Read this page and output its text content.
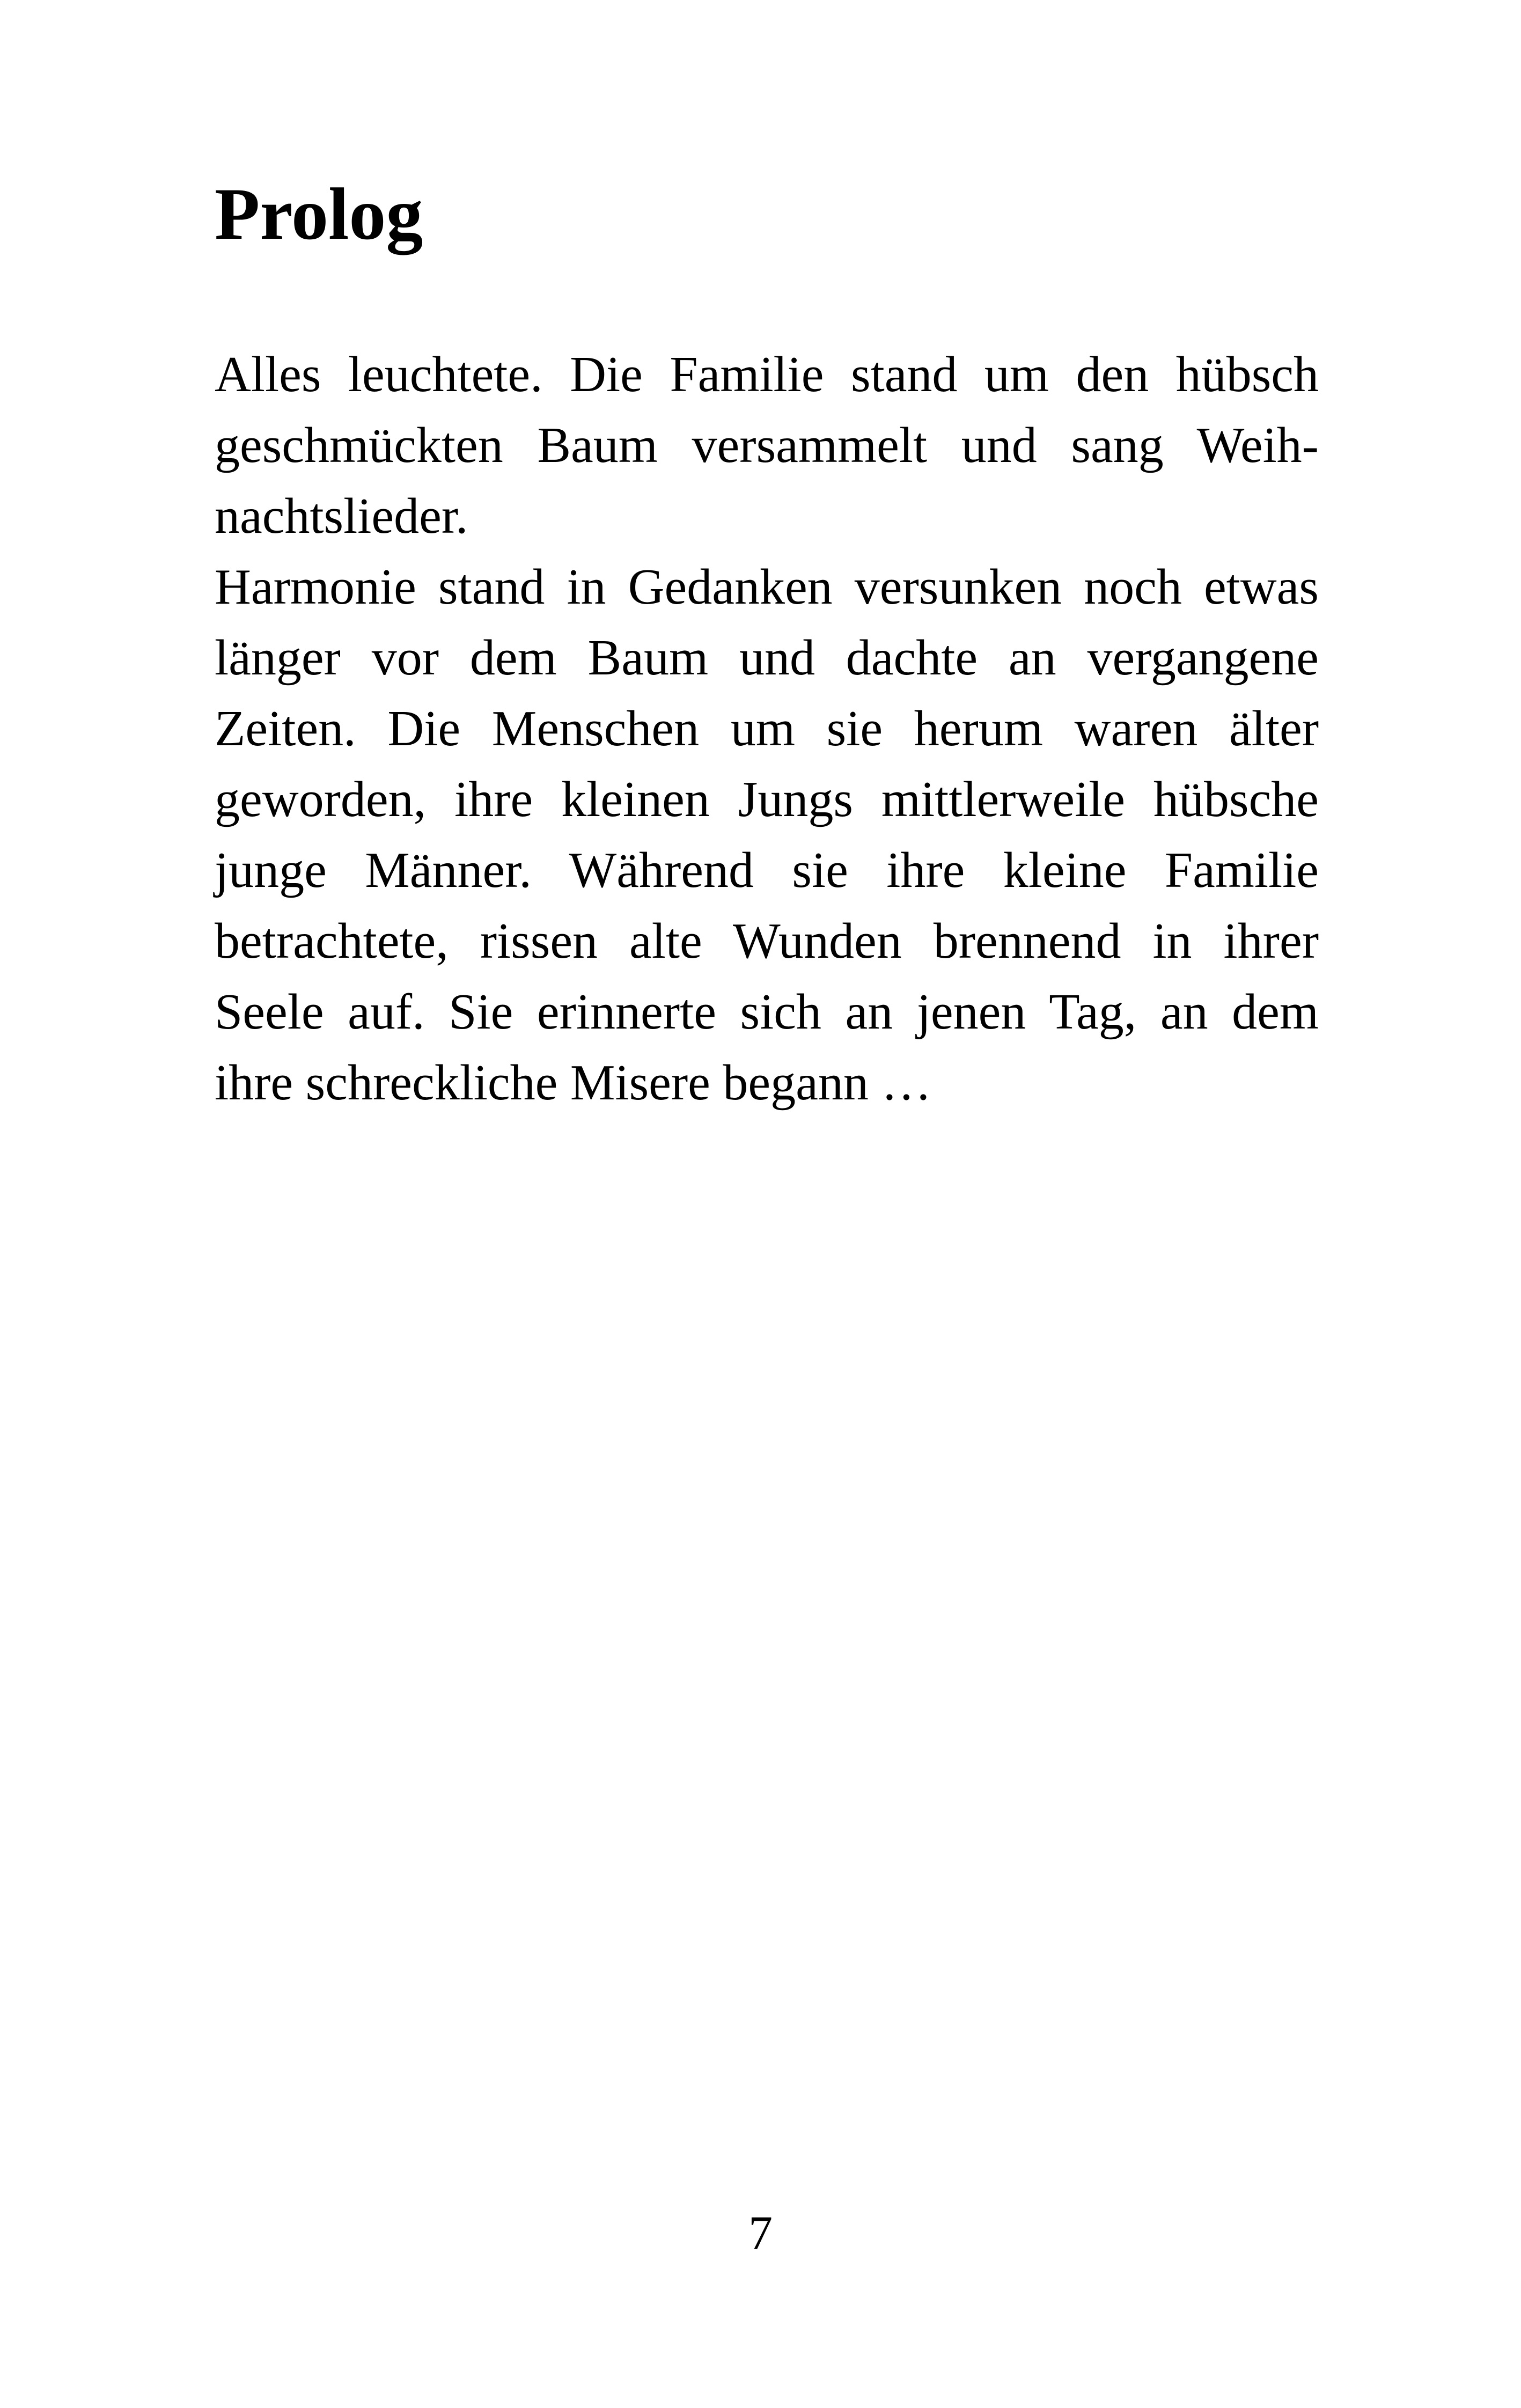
Prolog
Alles leuchtete. Die Familie stand um den hübsch
geschmückten Baum versammelt und sang Weih-
nachtslieder.
Harmonie stand in Gedanken versunken noch etwas
länger vor dem Baum und dachte an vergangene
Zeiten. Die Menschen um sie herum waren älter
geworden, ihre kleinen Jungs mittlerweile hübsche
junge Männer. Während sie ihre kleine Familie
betrachtete, rissen alte Wunden brennend in ihrer
Seele auf. Sie erinnerte sich an jenen Tag, an dem
ihre schreckliche Misere begann …
7
